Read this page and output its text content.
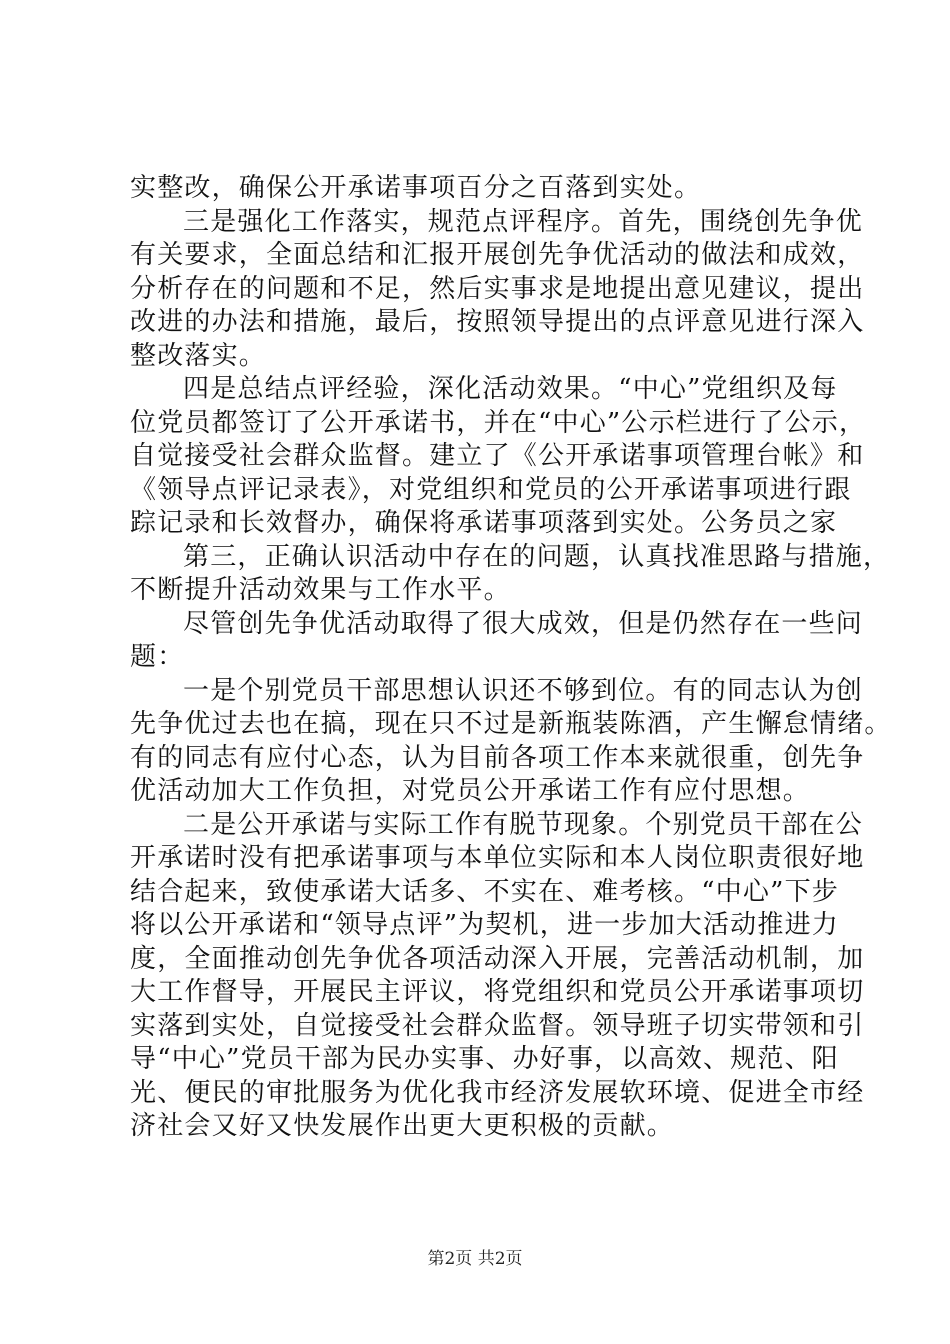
实整改，确保公开承诺事项百分之百落到实处。
三是强化工作落实，规范点评程序。首先，围绕创先争优
有关要求，全面总结和汇报开展创先争优活动的做法和成效，
分析存在的问题和不足，然后实事求是地提出意见建议，提出
改进的办法和措施，最后，按照领导提出的点评意见进行深入
整改落实。
四是总结点评经验，深化活动效果。“中心”党组织及每
位党员都签订了公开承诺书，并在“中心”公示栏进行了公示，
自觉接受社会群众监督。建立了《公开承诺事项管理台帐》和
《领导点评记录表》，对党组织和党员的公开承诺事项进行跟
踪记录和长效督办，确保将承诺事项落到实处。公务员之家
第三，正确认识活动中存在的问题，认真找准思路与措施，
不断提升活动效果与工作水平。
尽管创先争优活动取得了很大成效，但是仍然存在一些问
题：
一是个别党员干部思想认识还不够到位。有的同志认为创
先争优过去也在搞，现在只不过是新瓶装陈酒，产生懈怠情绪。
有的同志有应付心态，认为目前各项工作本来就很重，创先争
优活动加大工作负担，对党员公开承诺工作有应付思想。
二是公开承诺与实际工作有脱节现象。个别党员干部在公
开承诺时没有把承诺事项与本单位实际和本人岗位职责很好地
结合起来，致使承诺大话多、不实在、难考核。“中心”下步
将以公开承诺和“领导点评”为契机，进一步加大活动推进力
度，全面推动创先争优各项活动深入开展，完善活动机制，加
大工作督导，开展民主评议，将党组织和党员公开承诺事项切
实落到实处，自觉接受社会群众监督。领导班子切实带领和引
导“中心”党员干部为民办实事、办好事，以高效、规范、阳
光、便民的审批服务为优化我市经济发展软环境、促进全市经
济社会又好又快发展作出更大更积极的贡献。
第2页 共2页
